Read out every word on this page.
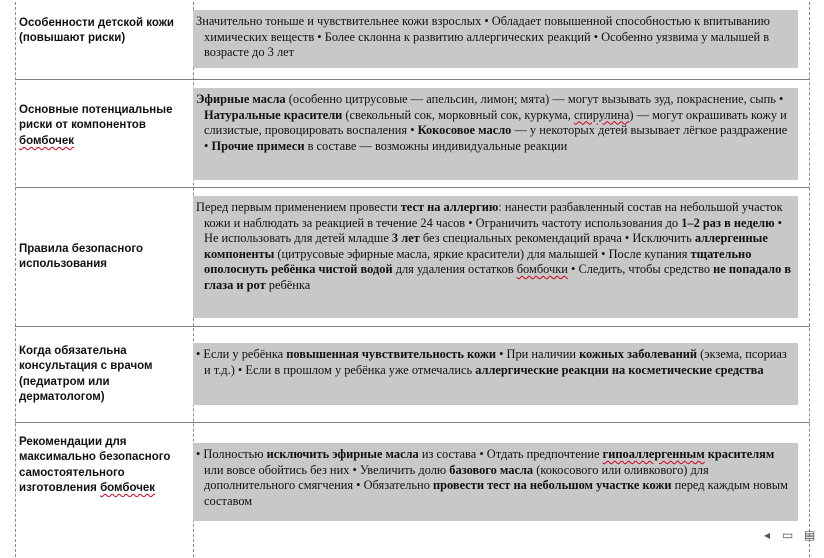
Особенности детской кожи (повышают риски)

Значительно тоньше и чувствительнее кожи взрослых • Обладает повышенной способностью к впитыванию химических веществ • Более склонна к развитию аллергических реакций • Особенно уязвима у малышей в возрасте до 3 лет

Основные потенциальные риски от компонентов бомбочек

Эфирные масла (особенно цитрусовые — апельсин, лимон; мята) — могут вызывать зуд, покраснение, сыпь • Натуральные красители (свекольный сок, морковный сок, куркума, спирулина) — могут окрашивать кожу и слизистые, провоцировать воспаления • Кокосовое масло — у некоторых детей вызывает лёгкое раздражение • Прочие примеси в составе — возможны индивидуальные реакции

Правила безопасного использования

Перед первым применением провести тест на аллергию: нанести разбавленный состав на небольшой участок кожи и наблюдать за реакцией в течение 24 часов • Ограничить частоту использования до 1–2 раз в неделю • Не использовать для детей младше 3 лет без специальных рекомендаций врача • Исключить аллергенные компоненты (цитрусовые эфирные масла, яркие красители) для малышей • После купания тщательно ополоснуть ребёнка чистой водой для удаления остатков бомбочки • Следить, чтобы средство не попадало в глаза и рот ребёнка

Когда обязательна консультация с врачом (педиатром или дерматологом)

• Если у ребёнка повышенная чувствительность кожи • При наличии кожных заболеваний (экзема, псориаз и т.д.) • Если в прошлом у ребёнка уже отмечались аллергические реакции на косметические средства

Рекомендации для максимально безопасного самостоятельного изготовления бомбочек

• Полностью исключить эфирные масла из состава • Отдать предпочтение гипоаллергенным красителям или вовсе обойтись без них • Увеличить долю базового масла (кокосового или оливкового) для дополнительного смягчения • Обязательно провести тест на небольшом участке кожи перед каждым новым составом

◂ ▭ ▤
